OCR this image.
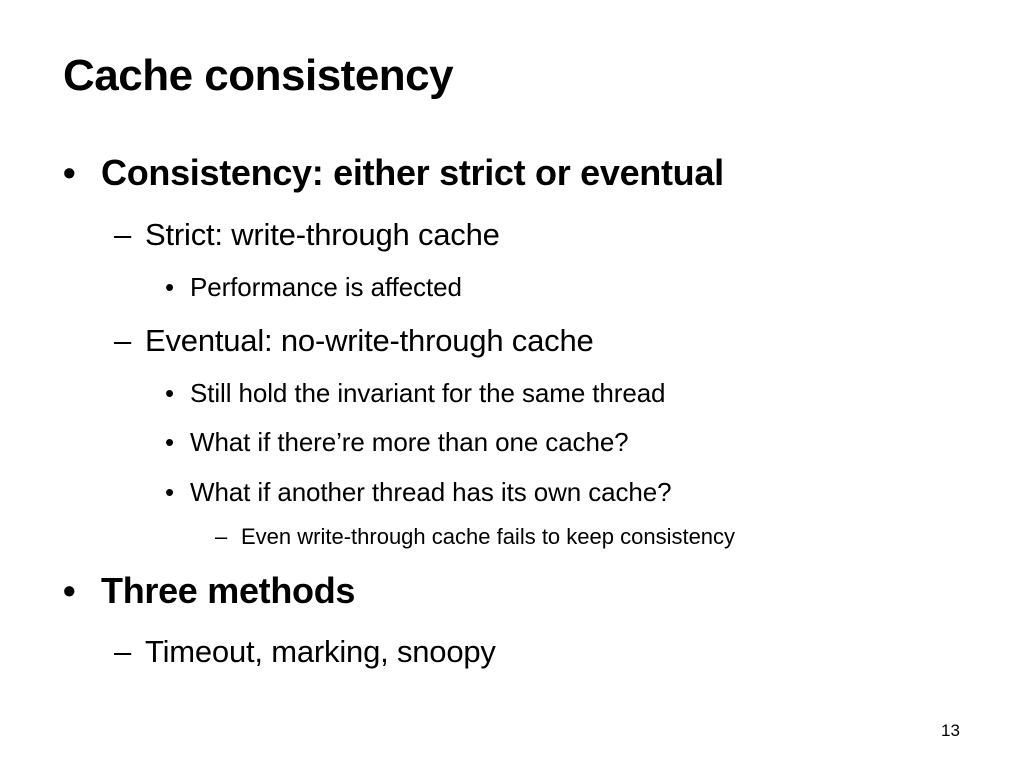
Cache consistency
• Consistency: either strict or eventual
– Strict: write-through cache
• Performance is affected
– Eventual: no-write-through cache
• Still hold the invariant for the same thread
• What if there’re more than one cache?
• What if another thread has its own cache?
– Even write-through cache fails to keep consistency
• Three methods
– Timeout, marking, snoopy
13
